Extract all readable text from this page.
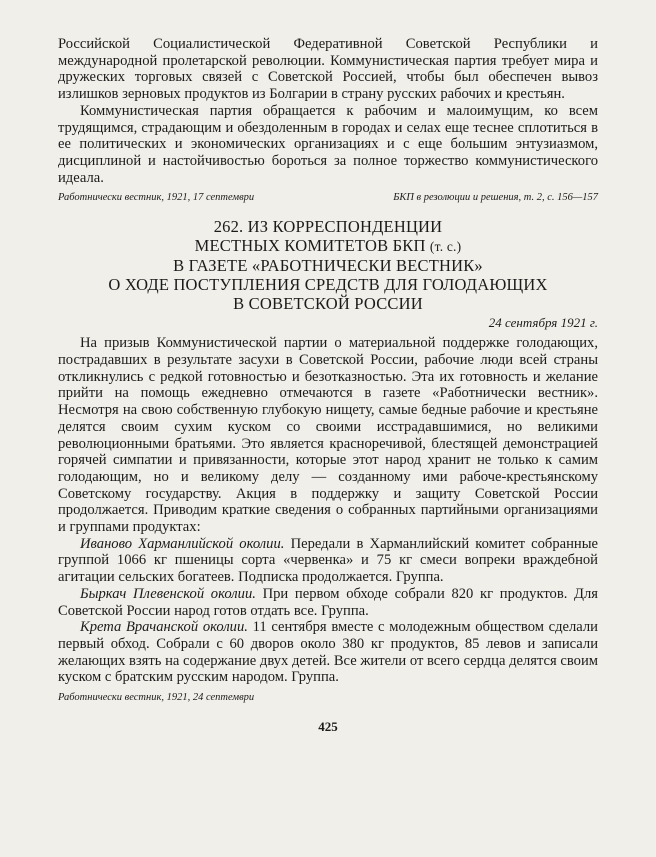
Российской Социалистической Федеративной Советской Республики и международной пролетарской революции. Коммунистическая партия требует мира и дружеских торговых связей с Советской Россией, чтобы был обеспечен вывоз излишков зерновых продуктов из Болгарии в страну русских рабочих и крестьян.

Коммунистическая партия обращается к рабочим и малоимущим, ко всем трудящимся, страдающим и обездоленным в городах и селах еще теснее сплотиться в ее политических и экономических организациях и с еще большим энтузиазмом, дисциплиной и настойчивостью бороться за полное торжество коммунистического идеала.

Работнически вестник, 1921, 17 септември	БКП в резолюции и решения, т. 2, с. 156—157
262. ИЗ КОРРЕСПОНДЕНЦИИ
МЕСТНЫХ КОМИТЕТОВ БКП (т. с.)
В ГАЗЕТЕ «РАБОТНИЧЕСКИ ВЕСТНИК»
О ХОДЕ ПОСТУПЛЕНИЯ СРЕДСТВ ДЛЯ ГОЛОДАЮЩИХ
В СОВЕТСКОЙ РОССИИ
24 сентября 1921 г.

На призыв Коммунистической партии о материальной поддержке голодающих, пострадавших в результате засухи в Советской России, рабочие люди всей страны откликнулись с редкой готовностью и безотказностью. Эта их готовность и желание прийти на помощь ежедневно отмечаются в газете «Работнически вестник». Несмотря на свою собственную глубокую нищету, самые бедные рабочие и крестьяне делятся своим сухим куском со своими исстрадавшимися, но великими революционными братьями. Это является красноречивой, блестящей демонстрацией горячей симпатии и привязанности, которые этот народ хранит не только к самим голодающим, но и великому делу — созданному ими рабоче-крестьянскому Советскому государству. Акция в поддержку и защиту Советской России продолжается. Приводим краткие сведения о собранных партийными организациями и группами продуктах:

Иваново Харманлийской околии. Передали в Харманлийский комитет собранные группой 1066 кг пшеницы сорта «червенка» и 75 кг смеси вопреки враждебной агитации сельских богатеев. Подписка продолжается. Группа.

Быркач Плевенской околии. При первом обходе собрали 820 кг продуктов. Для Советской России народ готов отдать все. Группа.

Крета Врачанской околии. 11 сентября вместе с молодежным обществом сделали первый обход. Собрали с 60 дворов около 380 кг продуктов, 85 левов и записали желающих взять на содержание двух детей. Все жители от всего сердца делятся своим куском с братским русским народом. Группа.

Работнически вестник, 1921, 24 септември
425
